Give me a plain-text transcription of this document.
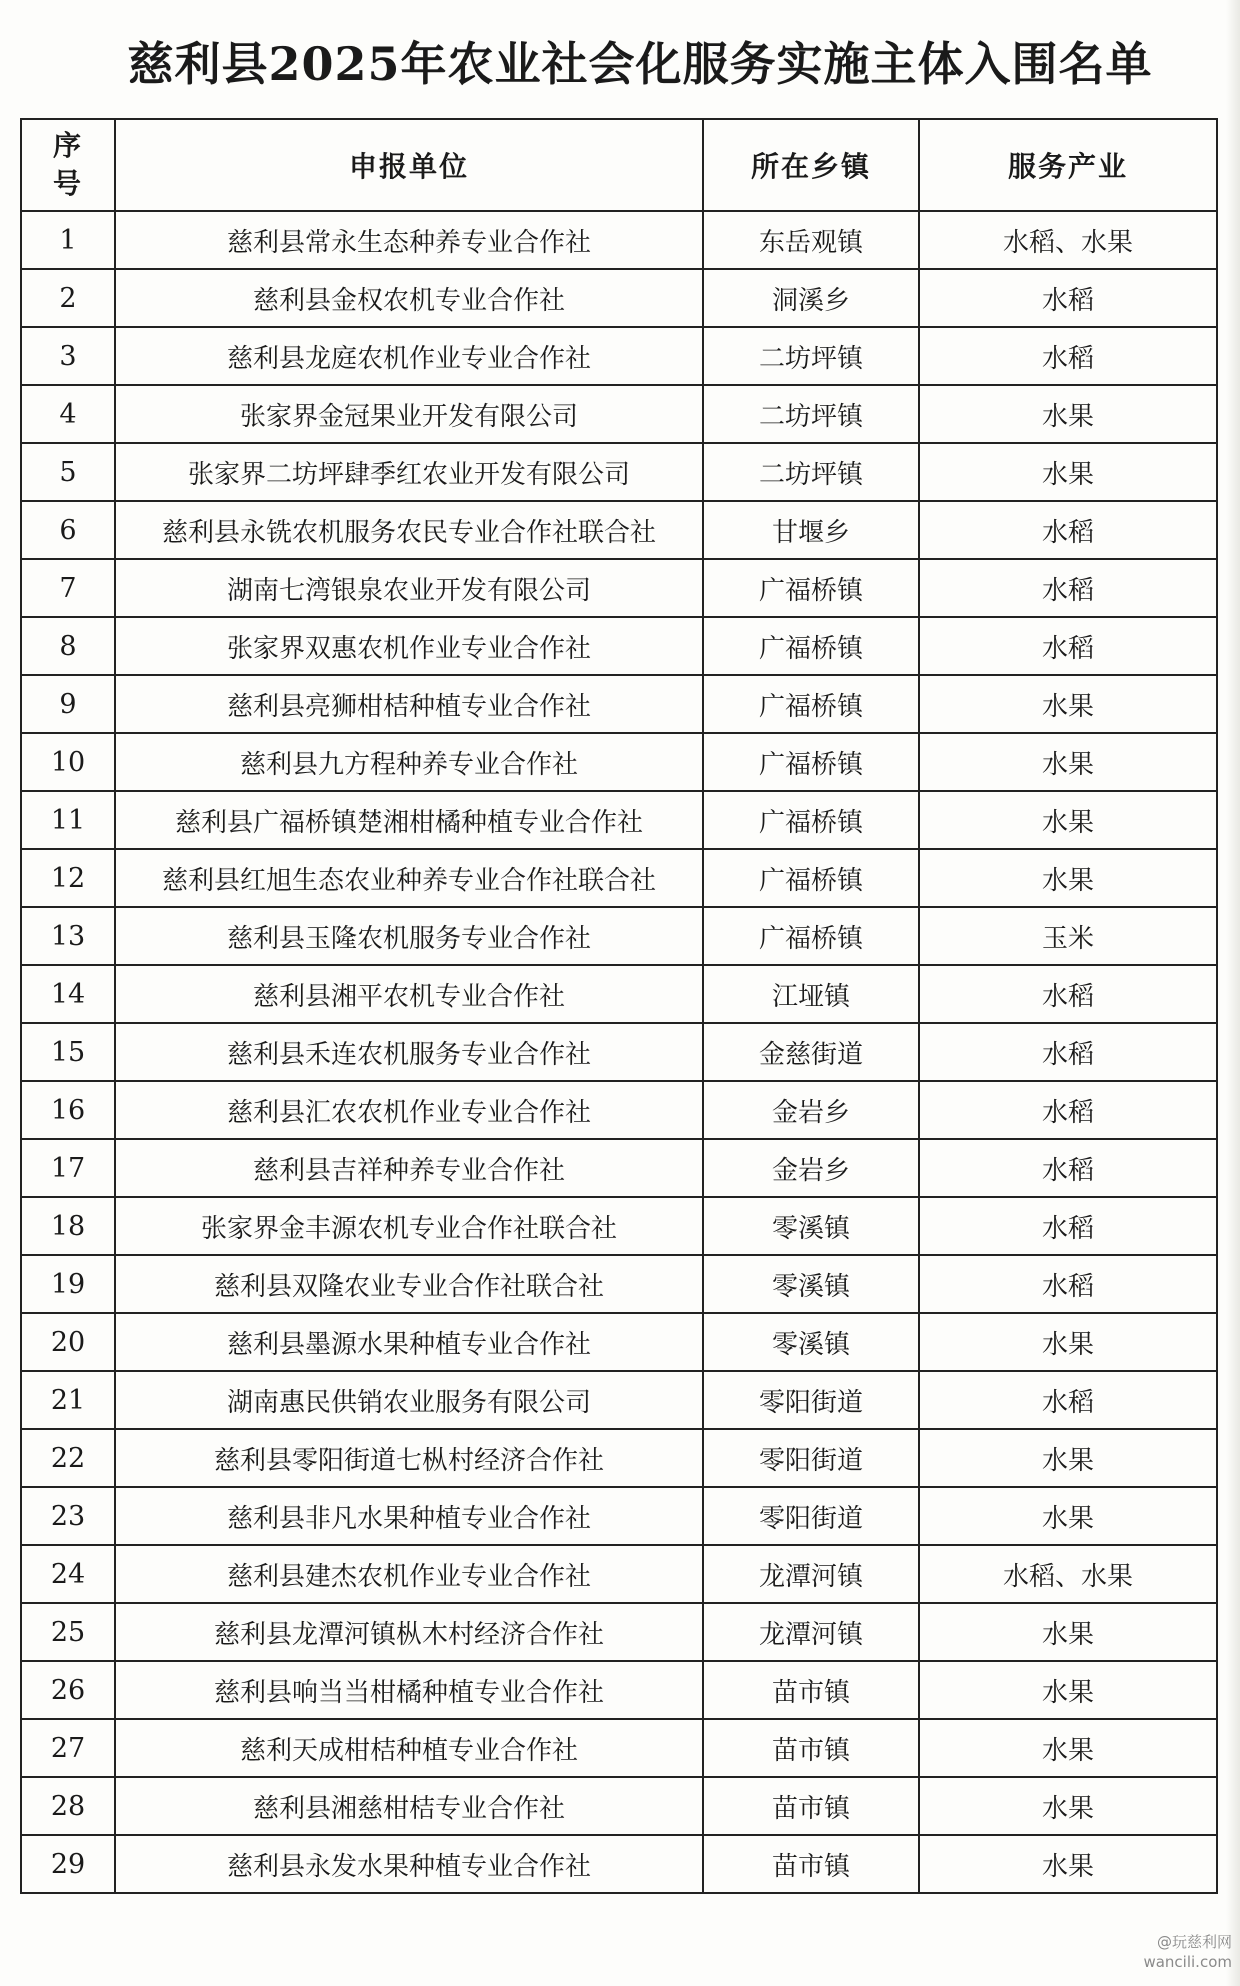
慈利县2025年农业社会化服务实施主体入围名单
序
号	申报单位	所在乡镇	服务产业
1	慈利县常永生态种养专业合作社	东岳观镇	水稻、水果
2	慈利县金权农机专业合作社	洞溪乡	水稻
3	慈利县龙庭农机作业专业合作社	二坊坪镇	水稻
4	张家界金冠果业开发有限公司	二坊坪镇	水果
5	张家界二坊坪肆季红农业开发有限公司	二坊坪镇	水果
6	慈利县永铣农机服务农民专业合作社联合社	甘堰乡	水稻
7	湖南七湾银泉农业开发有限公司	广福桥镇	水稻
8	张家界双惠农机作业专业合作社	广福桥镇	水稻
9	慈利县亮狮柑桔种植专业合作社	广福桥镇	水果
10	慈利县九方程种养专业合作社	广福桥镇	水果
11	慈利县广福桥镇楚湘柑橘种植专业合作社	广福桥镇	水果
12	慈利县红旭生态农业种养专业合作社联合社	广福桥镇	水果
13	慈利县玉隆农机服务专业合作社	广福桥镇	玉米
14	慈利县湘平农机专业合作社	江垭镇	水稻
15	慈利县禾连农机服务专业合作社	金慈街道	水稻
16	慈利县汇农农机作业专业合作社	金岩乡	水稻
17	慈利县吉祥种养专业合作社	金岩乡	水稻
18	张家界金丰源农机专业合作社联合社	零溪镇	水稻
19	慈利县双隆农业专业合作社联合社	零溪镇	水稻
20	慈利县墨源水果种植专业合作社	零溪镇	水果
21	湖南惠民供销农业服务有限公司	零阳街道	水稻
22	慈利县零阳街道七枞村经济合作社	零阳街道	水果
23	慈利县非凡水果种植专业合作社	零阳街道	水果
24	慈利县建杰农机作业专业合作社	龙潭河镇	水稻、水果
25	慈利县龙潭河镇枞木村经济合作社	龙潭河镇	水果
26	慈利县响当当柑橘种植专业合作社	苗市镇	水果
27	慈利天成柑桔种植专业合作社	苗市镇	水果
28	慈利县湘慈柑桔专业合作社	苗市镇	水果
29	慈利县永发水果种植专业合作社	苗市镇	水果
@玩慈利网
wancili.com
